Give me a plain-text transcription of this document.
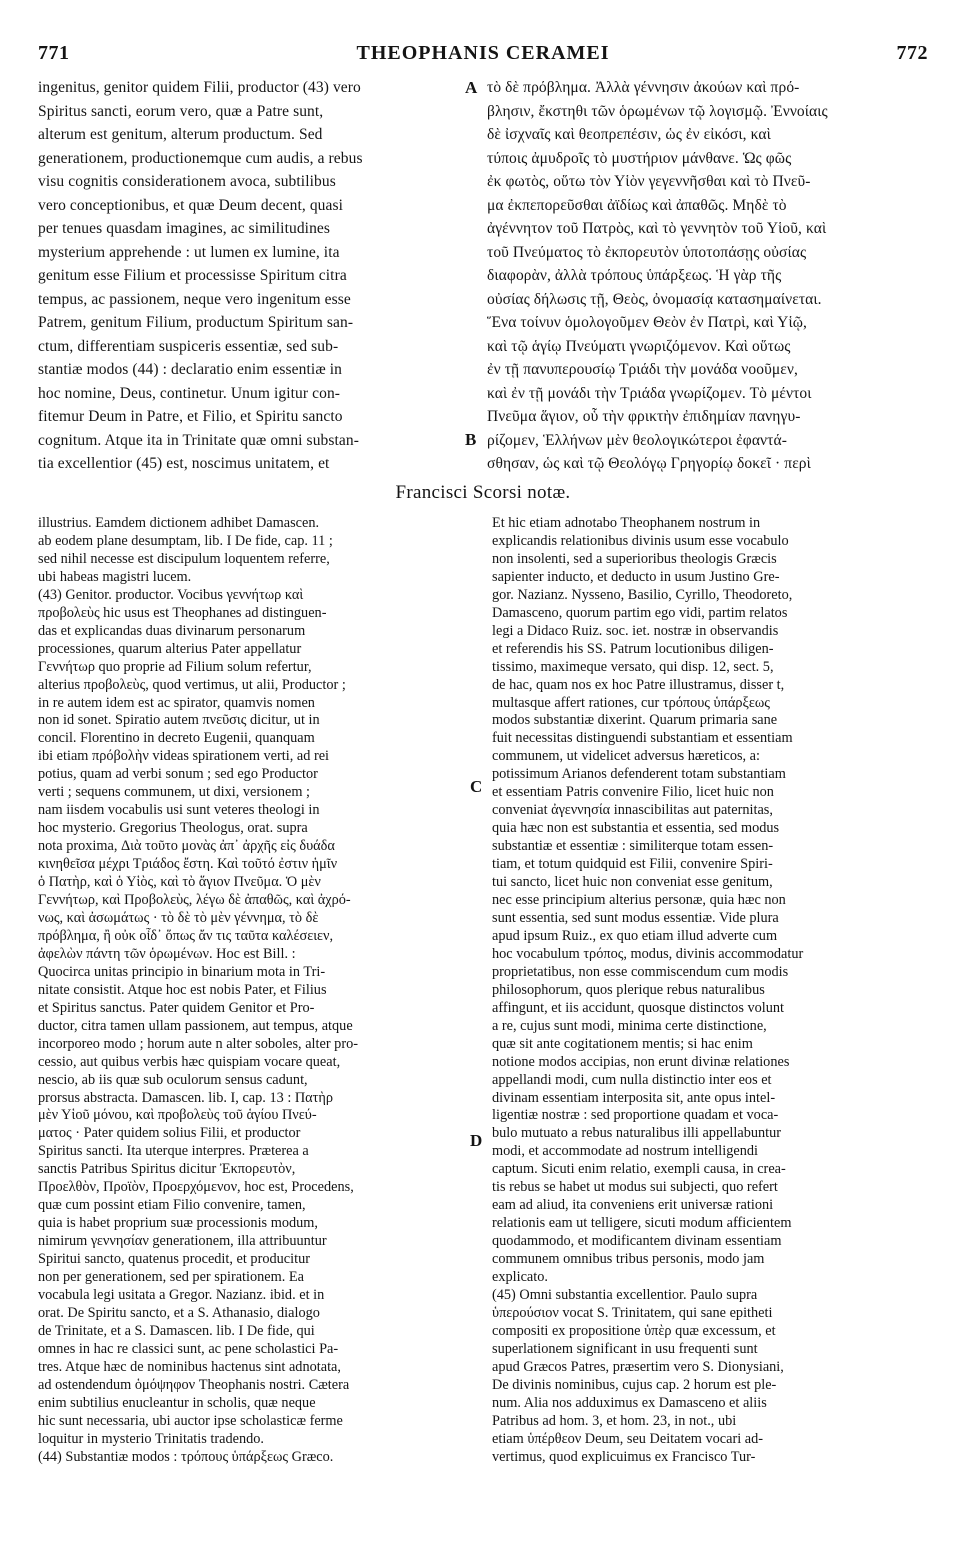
771	THEOPHANIS CERAMEI	772
ingenitus, genitor quidem Filii, productor (43) vero
Spiritus sancti, eorum vero, quæ a Patre sunt,
alterum est genitum, alterum productum. Sed
generationem, productionemque cum audis, a rebus
visu cognitis considerationem avoca, subtilibus
vero conceptionibus, et quæ Deum decent, quasi
per tenues quasdam imagines, ac similitudines
mysterium apprehende : ut lumen ex lumine, ita
genitum esse Filium et processisse Spiritum citra
tempus, ac passionem, neque vero ingenitum esse
Patrem, genitum Filium, productum Spiritum san-
ctum, differentiam suspiceris essentiæ, sed sub-
stantiæ modos (44) : declaratio enim essentiæ in
hoc nomine, Deus, continetur. Unum igitur con-
fitemur Deum in Patre, et Filio, et Spiritu sancto
cognitum. Atque ita in Trinitate quæ omni substan-
tia excellentior (45) est, noscimus unitatem, et
τὸ δὲ πρόβλημα. Ἀλλὰ γέννησιν ἀκούων καὶ πρό-
βλησιν, ἔκστηθι τῶν ὁρωμένων τῷ λογισμῷ. Ἐννοίαις
δὲ ἰσχναῖς καὶ θεοπρεπέσιν, ὡς ἐν εἰκόσι, καὶ
τύποις ἀμυδροῖς τὸ μυστήριον μάνθανε. Ὡς φῶς
ἐκ φωτὸς, οὕτω τὸν Υἱὸν γεγεννῆσθαι καὶ τὸ Πνεῦ-
μα ἐκπεπορεῦσθαι ἀϊδίως καὶ ἀπαθῶς. Μηδὲ τὸ
ἀγέννητον τοῦ Πατρὸς, καὶ τὸ γεννητὸν τοῦ Υἱοῦ, καὶ
τοῦ Πνεύματος τὸ ἐκπορευτὸν ὑποτοπάσῃς οὐσίας
διαφορὰν, ἀλλὰ τρόπους ὑπάρξεως. Ἡ γὰρ τῆς
οὐσίας δήλωσις τῇ, Θεὸς, ὀνομασίᾳ κατασημαίνεται.
Ἕνα τοίνυν ὁμολογοῦμεν Θεὸν ἐν Πατρὶ, καὶ Υἱῷ,
καὶ τῷ ἁγίῳ Πνεύματι γνωριζόμενον. Καὶ οὕτως
ἐν τῇ πανυπερουσίῳ Τριάδι τὴν μονάδα νοοῦμεν,
καὶ ἐν τῇ μονάδι τὴν Τριάδα γνωρίζομεν. Τὸ μέντοι
Πνεῦμα ἅγιον, οὗ τὴν φρικτὴν ἐπιδημίαν πανηγυ-
ρίζομεν, Ἑλλήνων μὲν θεολογικώτεροι ἐφαντά-
σθησαν, ὡς καὶ τῷ Θεολόγῳ Γρηγορίῳ δοκεῖ · περὶ
A
B
C
D
Francisci Scorsi notæ.
illustrius. Eamdem dictionem adhibet Damascen.
ab eodem plane desumptam, lib. I De fide, cap. 11 ;
sed nihil necesse est discipulum loquentem referre,
ubi habeas magistri lucem.
(43) Genitor. productor. Vocibus γεννήτωρ καὶ
προβολεὺς hic usus est Theophanes ad distinguen-
das et explicandas duas divinarum personarum
processiones, quarum alterius Pater appellatur
Γεννήτωρ quo proprie ad Filium solum refertur,
alterius προβολεὺς, quod vertimus, ut alii, Productor ;
in re autem idem est ac spirator, quamvis nomen
non id sonet. Spiratio autem πνεῦσις dicitur, ut in
concil. Florentino in decreto Eugenii, quanquam
ibi etiam πρόβολὴν videas spirationem verti, ad rei
potius, quam ad verbi sonum ; sed ego Productor
verti ; sequens communem, ut dixi, versionem ;
nam iisdem vocabulis usi sunt veteres theologi in
hoc mysterio. Gregorius Theologus, orat. supra
nota proxima, Διὰ τοῦτο μονὰς ἀπ᾽ ἀρχῆς εἰς δυάδα
κινηθεῖσα μέχρι Τριάδος ἔστη. Καὶ τοῦτό ἐστιν ἡμῖν
ὁ Πατὴρ, καὶ ὁ Υἱὸς, καὶ τὸ ἅγιον Πνεῦμα. Ὁ μὲν
Γεννήτωρ, καὶ Προβολεὺς, λέγω δὲ ἀπαθῶς, καὶ ἀχρό-
νως, καὶ ἀσωμάτως · τὸ δὲ τὸ μὲν γέννημα, τὸ δὲ
πρόβλημα, ἢ οὐκ οἶδ᾽ ὅπως ἄν τις ταῦτα καλέσειεν,
ἀφελὼν πάντη τῶν ὁρωμένων. Hoc est Bill. :
Quocirca unitas principio in binarium mota in Tri-
nitate consistit. Atque hoc est nobis Pater, et Filius
et Spiritus sanctus. Pater quidem Genitor et Pro-
ductor, citra tamen ullam passionem, aut tempus, atque
incorporeo modo ; horum aute n alter soboles, alter pro-
cessio, aut quibus verbis hæc quispiam vocare queat,
nescio, ab iis quæ sub oculorum sensus cadunt,
prorsus abstracta. Damascen. lib. I, cap. 13 : Πατὴρ
μὲν Υἱοῦ μόνου, καὶ προβολεὺς τοῦ ἁγίου Πνεύ-
ματος · Pater quidem solius Filii, et productor
Spiritus sancti. Ita uterque interpres. Præterea a
sanctis Patribus Spiritus dicitur Ἐκπορευτὸν,
Προελθὸν, Προϊὸν, Προερχόμενον, hoc est, Procedens,
quæ cum possint etiam Filio convenire, tamen,
quia is habet proprium suæ processionis modum,
nimirum γεννησίαν generationem, illa attribuuntur
Spiritui sancto, quatenus procedit, et producitur
non per generationem, sed per spirationem. Ea
vocabula legi usitata a Gregor. Nazianz. ibid. et in
orat. De Spiritu sancto, et a S. Athanasio, dialogo
de Trinitate, et a S. Damascen. lib. I De fide, qui
omnes in hac re classici sunt, ac pene scholastici Pa-
tres. Atque hæc de nominibus hactenus sint adnotata,
ad ostendendum ὁμόψηφον Theophanis nostri. Cætera
enim subtilius enucleantur in scholis, quæ neque
hic sunt necessaria, ubi auctor ipse scholasticæ ferme
loquitur in mysterio Trinitatis tradendo.
(44) Substantiæ modos : τρόπους ὑπάρξεως Græco.
Et hic etiam adnotabo Theophanem nostrum in
explicandis relationibus divinis usum esse vocabulo
non insolenti, sed a superioribus theologis Græcis
sapienter inducto, et deducto in usum Justino Gre-
gor. Nazianz. Nysseno, Basilio, Cyrillo, Theodoreto,
Damasceno, quorum partim ego vidi, partim relatos
legi a Didaco Ruiz. soc. iet. nostræ in observandis
et referendis his SS. Patrum locutionibus diligen-
tissimo, maximeque versato, qui disp. 12, sect. 5,
de hac, quam nos ex hoc Patre illustramus, disser t,
multasque affert rationes, cur τρόπους ὑπάρξεως
modos substantiæ dixerint. Quarum primaria sane
fuit necessitas distinguendi substantiam et essentiam
communem, ut videlicet adversus hæreticos, a:
potissimum Arianos defenderent totam substantiam
et essentiam Patris convenire Filio, licet huic non
conveniat ἀγεννησία innascibilitas aut paternitas,
quia hæc non est substantia et essentia, sed modus
substantiæ et essentiæ : similiterque totam essen-
tiam, et totum quidquid est Filii, convenire Spiri-
tui sancto, licet huic non conveniat esse genitum,
nec esse principium alterius personæ, quia hæc non
sunt essentia, sed sunt modus essentiæ. Vide plura
apud ipsum Ruiz., ex quo etiam illud adverte cum
hoc vocabulum τρόπος, modus, divinis accommodatur
proprietatibus, non esse commiscendum cum modis
philosophorum, quos plerique rebus naturalibus
affingunt, et iis accidunt, quosque distinctos volunt
a re, cujus sunt modi, minima certe distinctione,
quæ sit ante cogitationem mentis; si hac enim
notione modos accipias, non erunt divinæ relationes
appellandi modi, cum nulla distinctio inter eos et
divinam essentiam interposita sit, ante opus intel-
ligentiæ nostræ : sed proportione quadam et voca-
bulo mutuato a rebus naturalibus illi appellabuntur
modi, et accommodate ad nostrum intelligendi
captum. Sicuti enim relatio, exempli causa, in crea-
tis rebus se habet ut modus sui subjecti, quo refert
eam ad aliud, ita conveniens erit universæ rationi
relationis eam ut telligere, sicuti modum afficientem
quodammodo, et modificantem divinam essentiam
communem omnibus tribus personis, modo jam
explicato.
(45) Omni substantia excellentior. Paulo supra
ὑπερούσιον vocat S. Trinitatem, qui sane epitheti
compositi ex propositione ὑπὲρ quæ excessum, et
superlationem significant in usu frequenti sunt
apud Græcos Patres, præsertim vero S. Dionysiani,
De divinis nominibus, cujus cap. 2 horum est ple-
num. Alia nos adduximus ex Damasceno et aliis
Patribus ad hom. 3, et hom. 23, in not., ubi
etiam ὑπέρθεον Deum, seu Deitatem vocari ad-
vertimus, quod explicuimus ex Francisco Tur-
